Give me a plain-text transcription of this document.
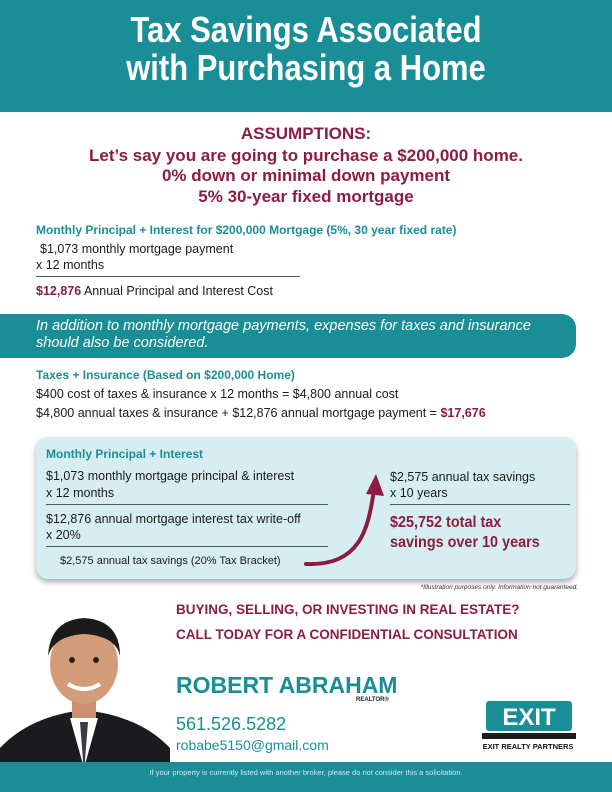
Tax Savings Associated
with Purchasing a Home
ASSUMPTIONS:
Let’s say you are going to purchase a $200,000 home.
0% down or minimal down payment
5% 30-year fixed mortgage
Monthly Principal + Interest for $200,000 Mortgage (5%, 30 year fixed rate)
$1,073 monthly mortgage payment
x 12 months
$12,876 Annual Principal and Interest Cost
In addition to monthly mortgage payments, expenses for taxes and insurance should also be considered.
Taxes + Insurance (Based on $200,000 Home)
$400 cost of taxes & insurance x 12 months = $4,800 annual cost
$4,800 annual taxes & insurance + $12,876 annual mortgage payment = $17,676
Monthly Principal + Interest
$1,073 monthly mortgage principal & interest
x 12 months
$12,876 annual mortgage interest tax write-off
x 20%
$2,575 annual tax savings (20% Tax Bracket)
$2,575 annual tax savings
x 10 years
$25,752 total tax
savings over 10 years
*Illustration purposes only. Information not guaranteed.
BUYING, SELLING, OR INVESTING IN REAL ESTATE?
CALL TODAY FOR A CONFIDENTIAL CONSULTATION
ROBERT ABRAHAM
REALTOR®
561.526.5282
robabe5150@gmail.com
EXIT
EXIT REALTY PARTNERS
If your property is currently listed with another broker, please do not consider this a solicitation.
